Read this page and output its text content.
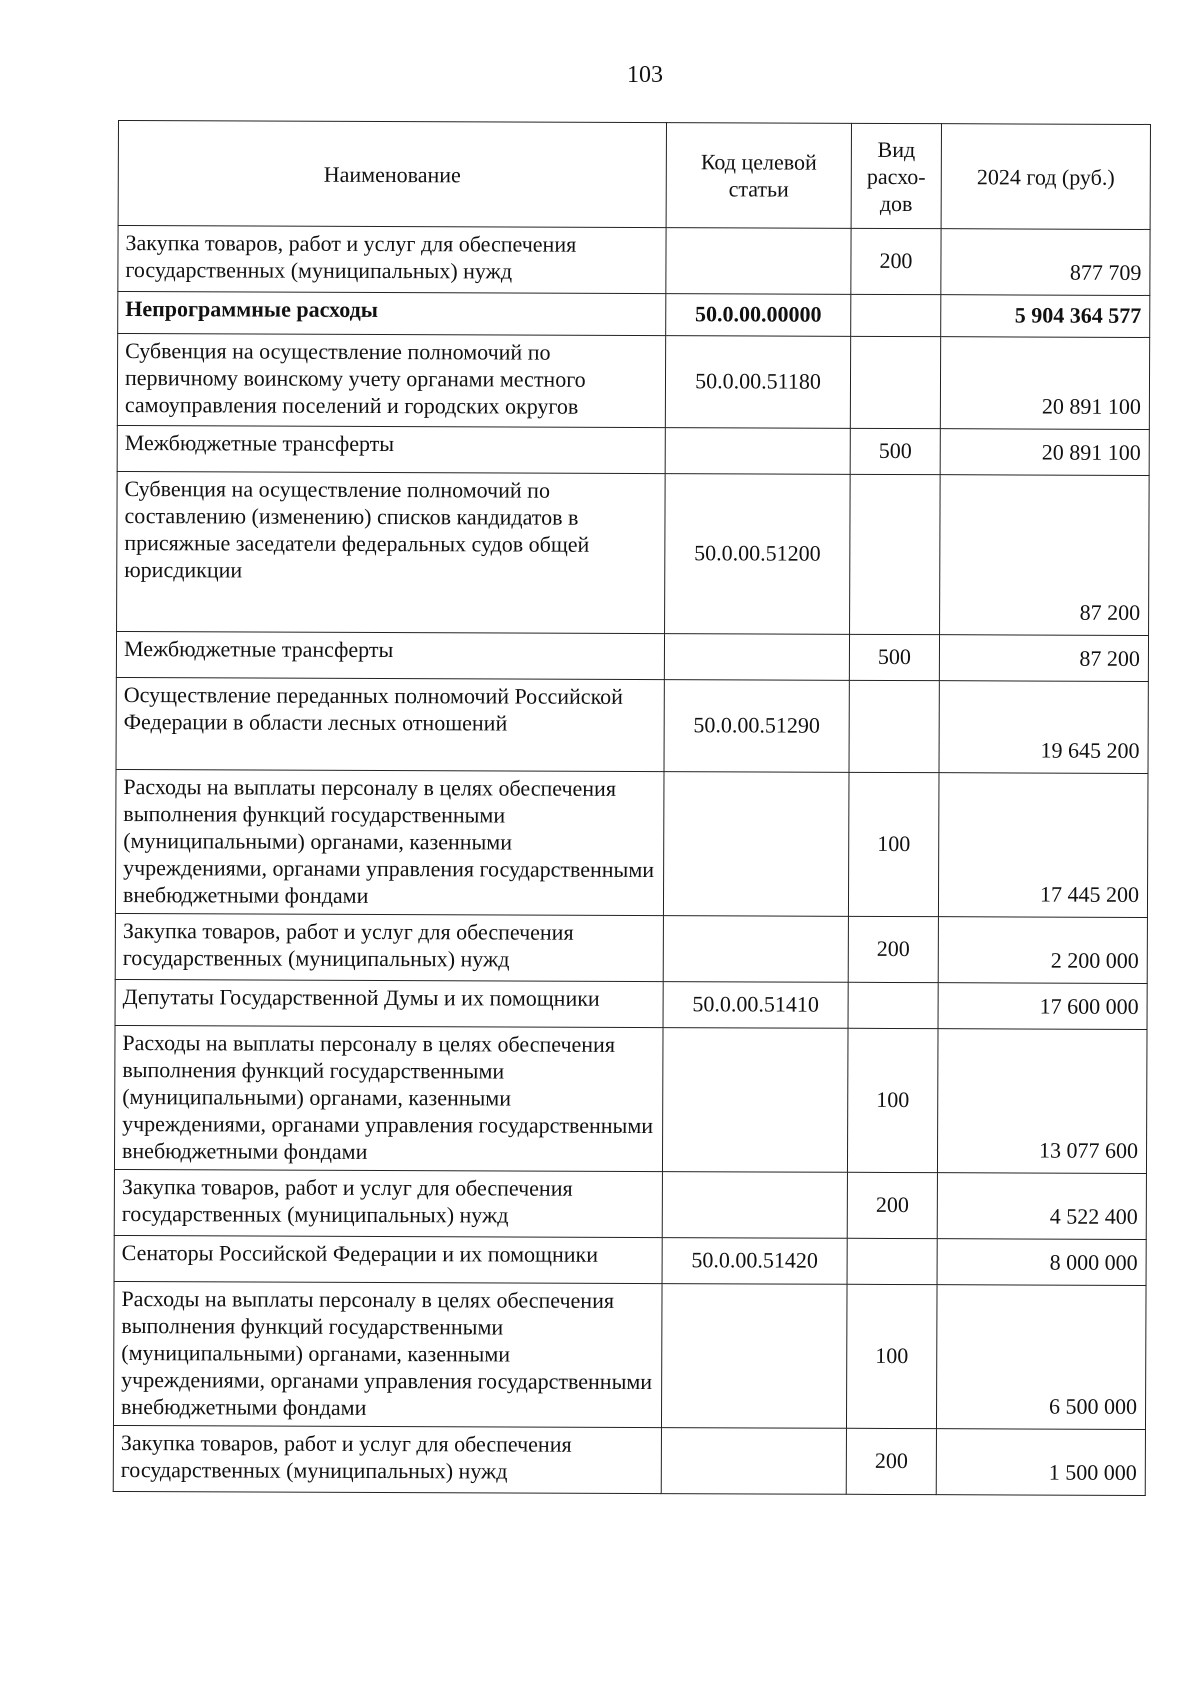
103
Наименование	Код целевой статьи	Вид расхо-дов	2024 год (руб.)
Закупка товаров, работ и услуг для обеспечения государственных (муниципальных) нужд		200	877 709
Непрограммные расходы	50.0.00.00000		5 904 364 577
Субвенция на осуществление полномочий по первичному воинскому учету органами местного самоуправления поселений и городских округов	50.0.00.51180		20 891 100
Межбюджетные трансферты		500	20 891 100
Субвенция на осуществление полномочий по составлению (изменению) списков кандидатов в присяжные заседатели федеральных судов общей юрисдикции	50.0.00.51200		87 200
Межбюджетные трансферты		500	87 200
Осуществление переданных полномочий Российской Федерации в области лесных отношений	50.0.00.51290		19 645 200
Расходы на выплаты персоналу в целях обеспечения выполнения функций государственными (муниципальными) органами, казенными учреждениями, органами управления государственными внебюджетными фондами		100	17 445 200
Закупка товаров, работ и услуг для обеспечения государственных (муниципальных) нужд		200	2 200 000
Депутаты Государственной Думы и их помощники	50.0.00.51410		17 600 000
Расходы на выплаты персоналу в целях обеспечения выполнения функций государственными (муниципальными) органами, казенными учреждениями, органами управления государственными внебюджетными фондами		100	13 077 600
Закупка товаров, работ и услуг для обеспечения государственных (муниципальных) нужд		200	4 522 400
Сенаторы Российской Федерации и их помощники	50.0.00.51420		8 000 000
Расходы на выплаты персоналу в целях обеспечения выполнения функций государственными (муниципальными) органами, казенными учреждениями, органами управления государственными внебюджетными фондами		100	6 500 000
Закупка товаров, работ и услуг для обеспечения государственных (муниципальных) нужд		200	1 500 000
